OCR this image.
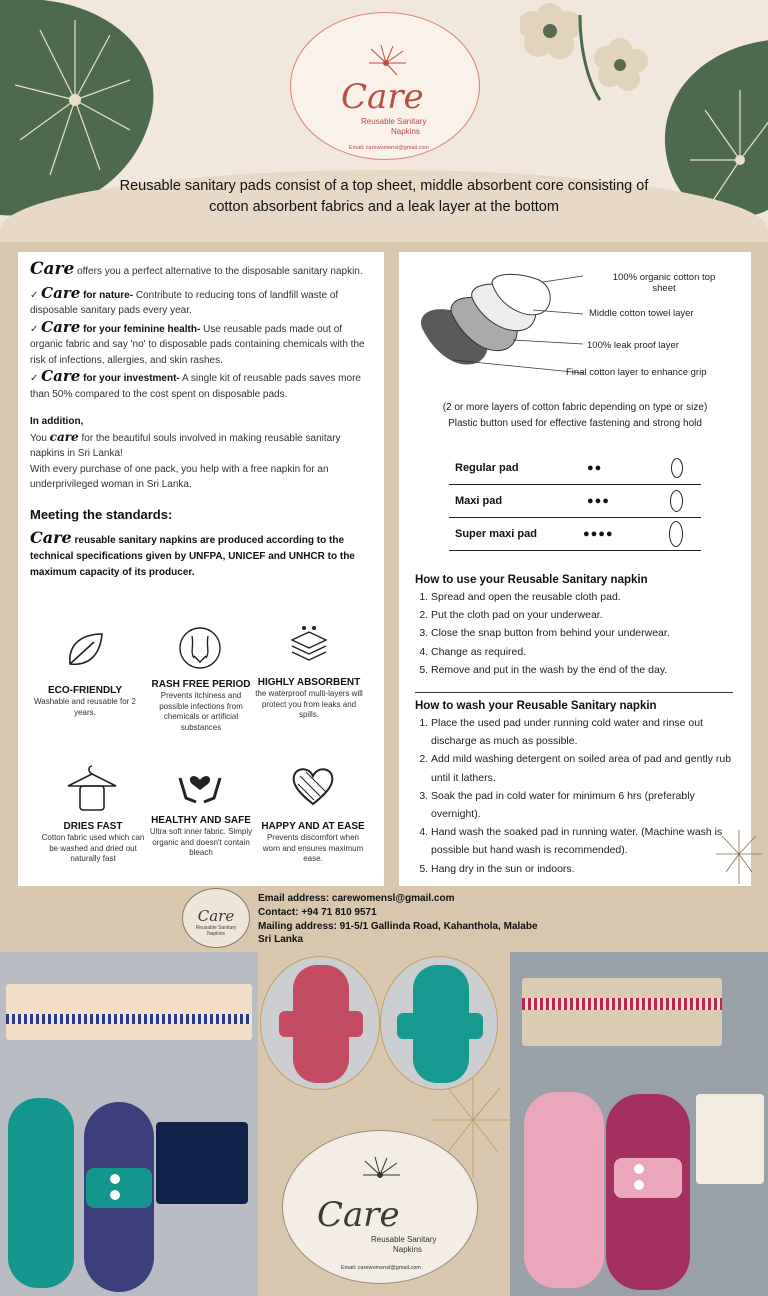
Care
Reusable Sanitary
Napkins
Email: carewomensl@gmail.com
Reusable sanitary pads consist of a top sheet, middle absorbent core consisting of cotton absorbent fabrics and a leak layer at the bottom
Care offers you a perfect alternative to the disposable sanitary napkin.
✓ Care for nature- Contribute to reducing tons of landfill waste of disposable sanitary pads every year.
✓ Care for your feminine health- Use reusable pads made out of organic fabric and say 'no' to disposable pads containing chemicals with the risk of infections, allergies, and skin rashes.
✓ Care for your investment- A single kit of reusable pads saves more than 50% compared to the cost spent on disposable pads.
In addition,
You care for the beautiful souls involved in making reusable sanitary napkins in Sri Lanka!
With every purchase of one pack, you help with a free napkin for an underprivileged woman in Sri Lanka.
Meeting the standards:
Care reusable sanitary napkins are produced according to the technical specifications given by UNFPA, UNICEF and UNHCR to the maximum capacity of its producer.
ECO-FRIENDLY
Washable and reusable for 2 years.
RASH FREE PERIOD
Prevents itchiness and possible infections from chemicals or artificial substances
HIGHLY ABSORBENT
the waterproof multi-layers will protect you from leaks and spills.
DRIES FAST
Cotton fabric used which can be washed and dried out naturally fast
HEALTHY AND SAFE
Ultra soft inner fabric. Simply organic and doesn't contain bleach
HAPPY AND AT EASE
Prevents discomfort when worn and ensures maximum ease.
100% organic cotton top sheet
Middle cotton towel layer
100% leak proof layer
Final cotton layer to enhance grip
(2 or more layers of cotton fabric depending on type or size)
Plastic button used for effective fastening and strong hold
Regular pad	●●
Maxi pad	●●●
Super maxi pad	●●●●
How to use your Reusable Sanitary napkin
1. Spread and open the reusable cloth pad.
2. Put the cloth pad on your underwear.
3. Close the snap button from behind your underwear.
4. Change as required.
5. Remove and put in the wash by the end of the day.
How to wash your Reusable Sanitary napkin
1. Place the used pad under running cold water and rinse out discharge as much as possible.
2. Add mild washing detergent on soiled area of pad and gently rub until it lathers.
3. Soak the pad in cold water for minimum 6 hrs (preferably overnight).
4. Hand wash the soaked pad in running water. (Machine wash is possible but hand wash is recommended).
5. Hang dry in the sun or indoors.
Care
Reusable Sanitary
Napkins
Email address: carewomensl@gmail.com
Contact: +94 71 810 9571
Mailing address: 91-5/1 Gallinda Road, Kahanthola, Malabe
Sri Lanka
Care
Reusable Sanitary
Napkins
Email: carewomensl@gmail.com
